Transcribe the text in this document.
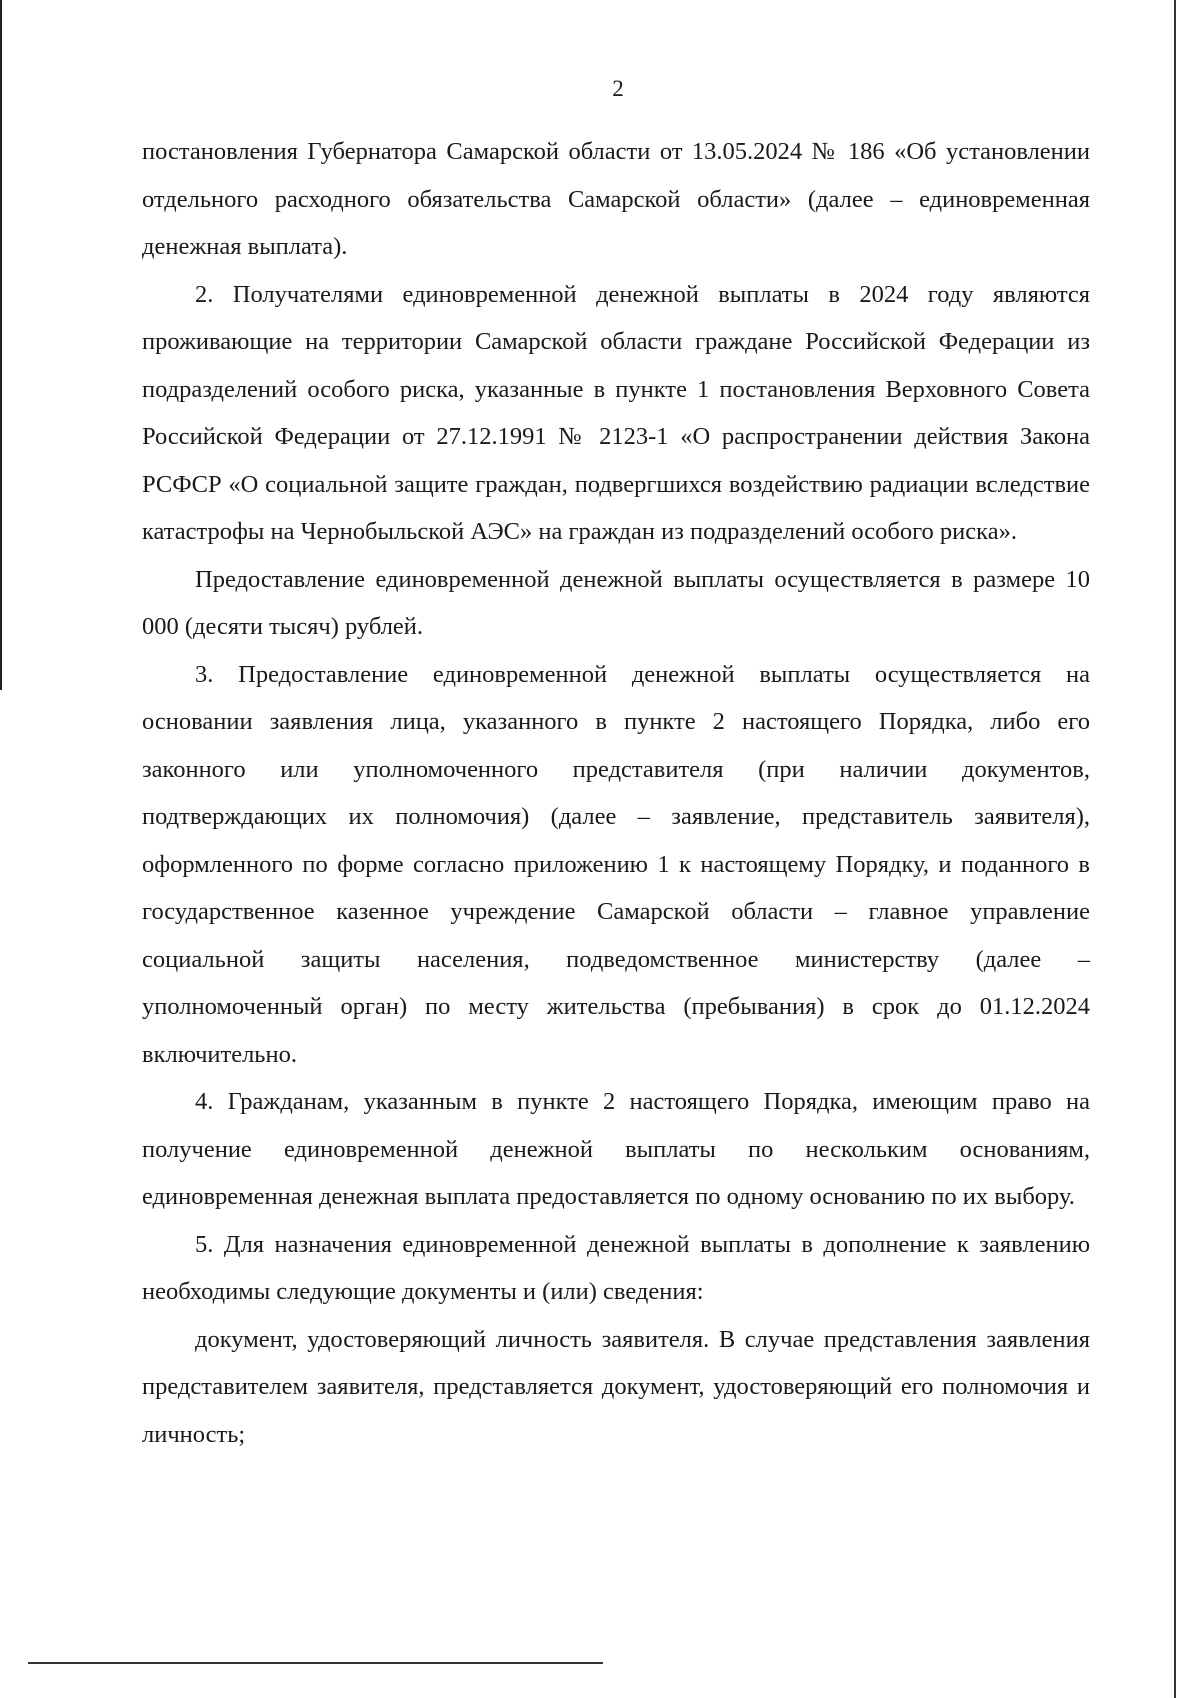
2

постановления Губернатора Самарской области от 13.05.2024 № 186 «Об установлении отдельного расходного обязательства Самарской области» (далее – единовременная денежная выплата).

2. Получателями единовременной денежной выплаты в 2024 году являются проживающие на территории Самарской области граждане Российской Федерации из подразделений особого риска, указанные в пункте 1 постановления Верховного Совета Российской Федерации от 27.12.1991 № 2123-1 «О распространении действия Закона РСФСР «О социальной защите граждан, подвергшихся воздействию радиации вследствие катастрофы на Чернобыльской АЭС» на граждан из подразделений особого риска».

Предоставление единовременной денежной выплаты осуществляется в размере 10 000 (десяти тысяч) рублей.

3. Предоставление единовременной денежной выплаты осуществляется на основании заявления лица, указанного в пункте 2 настоящего Порядка, либо его законного или уполномоченного представителя (при наличии документов, подтверждающих их полномочия) (далее – заявление, представитель заявителя), оформленного по форме согласно приложению 1 к настоящему Порядку, и поданного в государственное казенное учреждение Самарской области – главное управление социальной защиты населения, подведомственное министерству (далее – уполномоченный орган) по месту жительства (пребывания) в срок до 01.12.2024 включительно.

4. Гражданам, указанным в пункте 2 настоящего Порядка, имеющим право на получение единовременной денежной выплаты по нескольким основаниям, единовременная денежная выплата предоставляется по одному основанию по их выбору.

5. Для назначения единовременной денежной выплаты в дополнение к заявлению необходимы следующие документы и (или) сведения:

документ, удостоверяющий личность заявителя. В случае представления заявления представителем заявителя, представляется документ, удостоверяющий его полномочия и личность;
